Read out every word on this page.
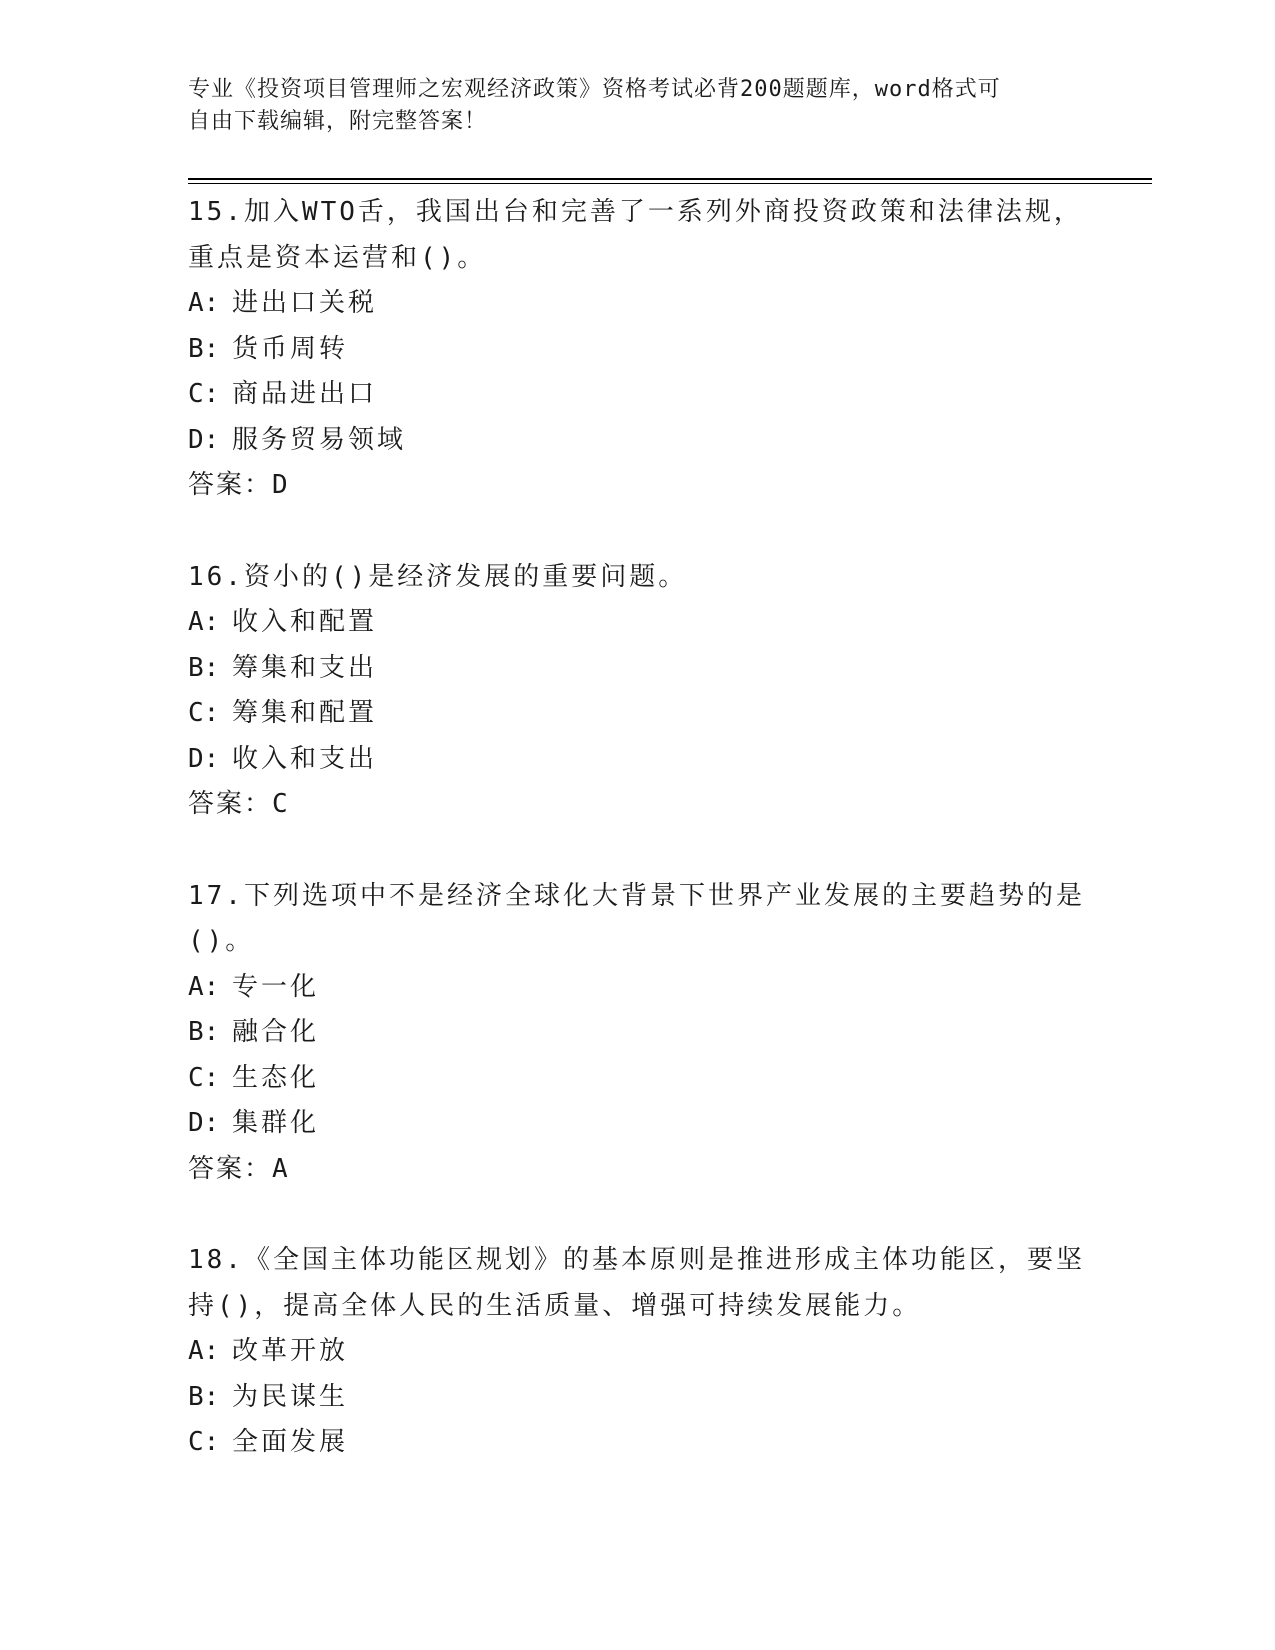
专业《投资项目管理师之宏观经济政策》资格考试必背200题题库，word格式可
自由下载编辑，附完整答案！
15.加入WTO舌，我国出台和完善了一系列外商投资政策和法律法规，
重点是资本运营和()。
A: 进出口关税
B: 货币周转
C: 商品进出口
D: 服务贸易领域
答案：D
16.资小的()是经济发展的重要问题。
A: 收入和配置
B: 筹集和支出
C: 筹集和配置
D: 收入和支出
答案：C
17.下列选项中不是经济全球化大背景下世界产业发展的主要趋势的是
()。
A: 专一化
B: 融合化
C: 生态化
D: 集群化
答案：A
18.《全国主体功能区规划》的基本原则是推进形成主体功能区，要坚
持()，提高全体人民的生活质量、增强可持续发展能力。
A: 改革开放
B: 为民谋生
C: 全面发展
